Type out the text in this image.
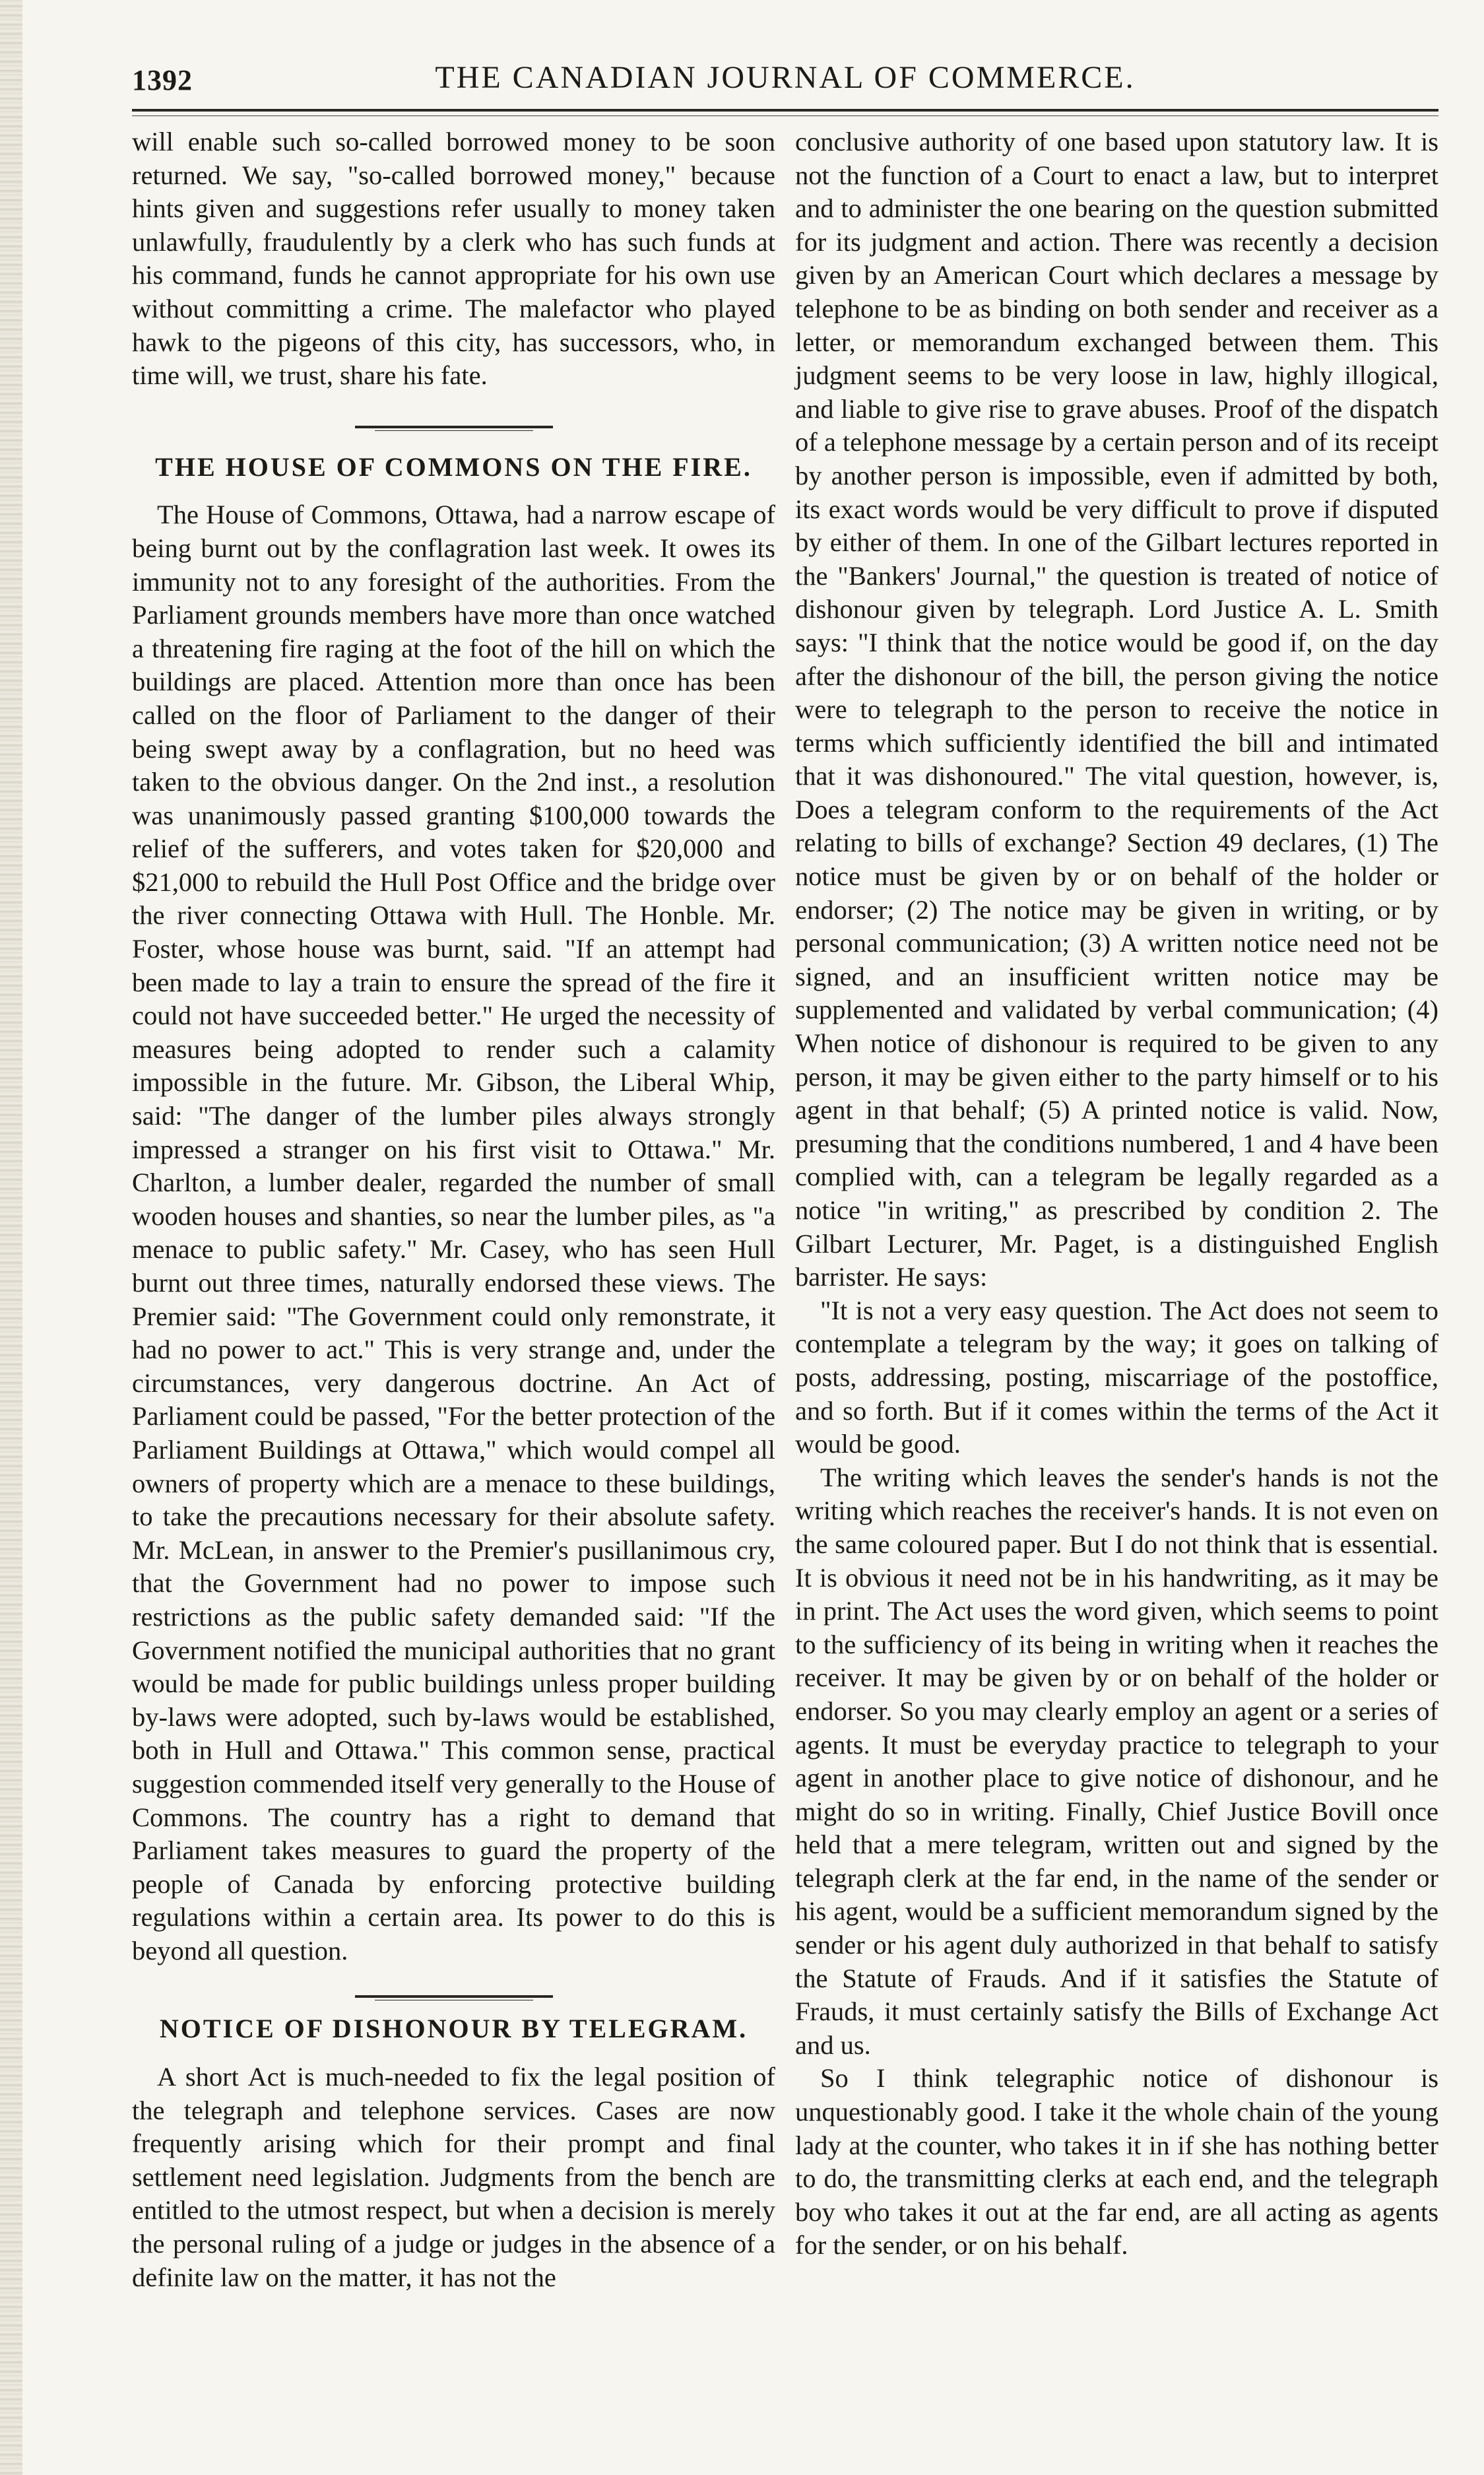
1392	THE CANADIAN JOURNAL OF COMMERCE.

will enable such so-called borrowed money to be soon returned. We say, "so-called borrowed money," because hints given and suggestions refer usually to money taken unlawfully, fraudulently by a clerk who has such funds at his command, funds he cannot appropriate for his own use without committing a crime. The malefactor who played hawk to the pigeons of this city, has successors, who, in time will, we trust, share his fate.

THE HOUSE OF COMMONS ON THE FIRE.

The House of Commons, Ottawa, had a narrow escape of being burnt out by the conflagration last week. It owes its immunity not to any foresight of the authorities. From the Parliament grounds members have more than once watched a threatening fire raging at the foot of the hill on which the buildings are placed. Attention more than once has been called on the floor of Parliament to the danger of their being swept away by a conflagration, but no heed was taken to the obvious danger. On the 2nd inst., a resolution was unanimously passed granting $100,000 towards the relief of the sufferers, and votes taken for $20,000 and $21,000 to rebuild the Hull Post Office and the bridge over the river connecting Ottawa with Hull. The Honble. Mr. Foster, whose house was burnt, said. "If an attempt had been made to lay a train to ensure the spread of the fire it could not have succeeded better." He urged the necessity of measures being adopted to render such a calamity impossible in the future. Mr. Gibson, the Liberal Whip, said: "The danger of the lumber piles always strongly impressed a stranger on his first visit to Ottawa." Mr. Charlton, a lumber dealer, regarded the number of small wooden houses and shanties, so near the lumber piles, as "a menace to public safety." Mr. Casey, who has seen Hull burnt out three times, naturally endorsed these views. The Premier said: "The Government could only remonstrate, it had no power to act." This is very strange and, under the circumstances, very dangerous doctrine. An Act of Parliament could be passed, "For the better protection of the Parliament Buildings at Ottawa," which would compel all owners of property which are a menace to these buildings, to take the precautions necessary for their absolute safety. Mr. McLean, in answer to the Premier's pusillanimous cry, that the Government had no power to impose such restrictions as the public safety demanded said: "If the Government notified the municipal authorities that no grant would be made for public buildings unless proper building by-laws were adopted, such by-laws would be established, both in Hull and Ottawa." This common sense, practical suggestion commended itself very generally to the House of Commons. The country has a right to demand that Parliament takes measures to guard the property of the people of Canada by enforcing protective building regulations within a certain area. Its power to do this is beyond all question.

NOTICE OF DISHONOUR BY TELEGRAM.

A short Act is much-needed to fix the legal position of the telegraph and telephone services. Cases are now frequently arising which for their prompt and final settlement need legislation. Judgments from the bench are entitled to the utmost respect, but when a decision is merely the personal ruling of a judge or judges in the absence of a definite law on the matter, it has not the

conclusive authority of one based upon statutory law. It is not the function of a Court to enact a law, but to interpret and to administer the one bearing on the question submitted for its judgment and action. There was recently a decision given by an American Court which declares a message by telephone to be as binding on both sender and receiver as a letter, or memorandum exchanged between them. This judgment seems to be very loose in law, highly illogical, and liable to give rise to grave abuses. Proof of the dispatch of a telephone message by a certain person and of its receipt by another person is impossible, even if admitted by both, its exact words would be very difficult to prove if disputed by either of them. In one of the Gilbart lectures reported in the "Bankers' Journal," the question is treated of notice of dishonour given by telegraph. Lord Justice A. L. Smith says: "I think that the notice would be good if, on the day after the dishonour of the bill, the person giving the notice were to telegraph to the person to receive the notice in terms which sufficiently identified the bill and intimated that it was dishonoured." The vital question, however, is, Does a telegram conform to the requirements of the Act relating to bills of exchange? Section 49 declares, (1) The notice must be given by or on behalf of the holder or endorser; (2) The notice may be given in writing, or by personal communication; (3) A written notice need not be signed, and an insufficient written notice may be supplemented and validated by verbal communication; (4) When notice of dishonour is required to be given to any person, it may be given either to the party himself or to his agent in that behalf; (5) A printed notice is valid. Now, presuming that the conditions numbered, 1 and 4 have been complied with, can a telegram be legally regarded as a notice "in writing," as prescribed by condition 2. The Gilbart Lecturer, Mr. Paget, is a distinguished English barrister. He says:

"It is not a very easy question. The Act does not seem to contemplate a telegram by the way; it goes on talking of posts, addressing, posting, miscarriage of the postoffice, and so forth. But if it comes within the terms of the Act it would be good.

The writing which leaves the sender's hands is not the writing which reaches the receiver's hands. It is not even on the same coloured paper. But I do not think that is essential. It is obvious it need not be in his handwriting, as it may be in print. The Act uses the word given, which seems to point to the sufficiency of its being in writing when it reaches the receiver. It may be given by or on behalf of the holder or endorser. So you may clearly employ an agent or a series of agents. It must be everyday practice to telegraph to your agent in another place to give notice of dishonour, and he might do so in writing. Finally, Chief Justice Bovill once held that a mere telegram, written out and signed by the telegraph clerk at the far end, in the name of the sender or his agent, would be a sufficient memorandum signed by the sender or his agent duly authorized in that behalf to satisfy the Statute of Frauds. And if it satisfies the Statute of Frauds, it must certainly satisfy the Bills of Exchange Act and us.

So I think telegraphic notice of dishonour is unquestionably good. I take it the whole chain of the young lady at the counter, who takes it in if she has nothing better to do, the transmitting clerks at each end, and the telegraph boy who takes it out at the far end, are all acting as agents for the sender, or on his behalf.
